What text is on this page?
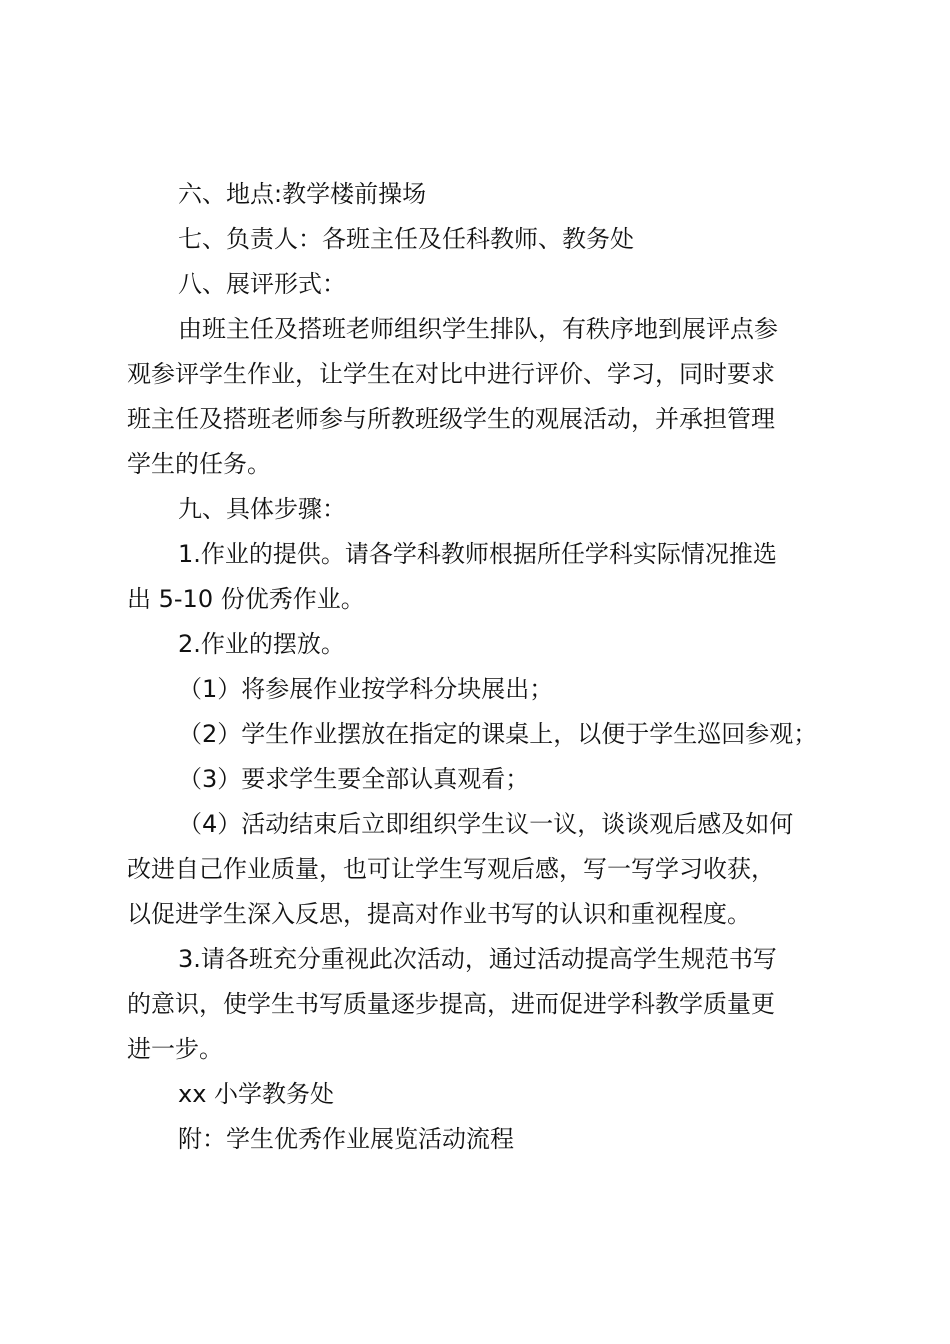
六、地点:教学楼前操场
七、负责人：各班主任及任科教师、教务处
八、展评形式：
由班主任及搭班老师组织学生排队，有秩序地到展评点参
观参评学生作业，让学生在对比中进行评价、学习，同时要求
班主任及搭班老师参与所教班级学生的观展活动，并承担管理
学生的任务。
九、具体步骤：
1.作业的提供。请各学科教师根据所任学科实际情况推选
出 5-10 份优秀作业。
2.作业的摆放。
（1）将参展作业按学科分块展出；
（2）学生作业摆放在指定的课桌上，以便于学生巡回参观；
（3）要求学生要全部认真观看；
（4）活动结束后立即组织学生议一议，谈谈观后感及如何
改进自己作业质量，也可让学生写观后感，写一写学习收获，
以促进学生深入反思，提高对作业书写的认识和重视程度。
3.请各班充分重视此次活动，通过活动提高学生规范书写
的意识，使学生书写质量逐步提高，进而促进学科教学质量更
进一步。
xx 小学教务处
附：学生优秀作业展览活动流程
